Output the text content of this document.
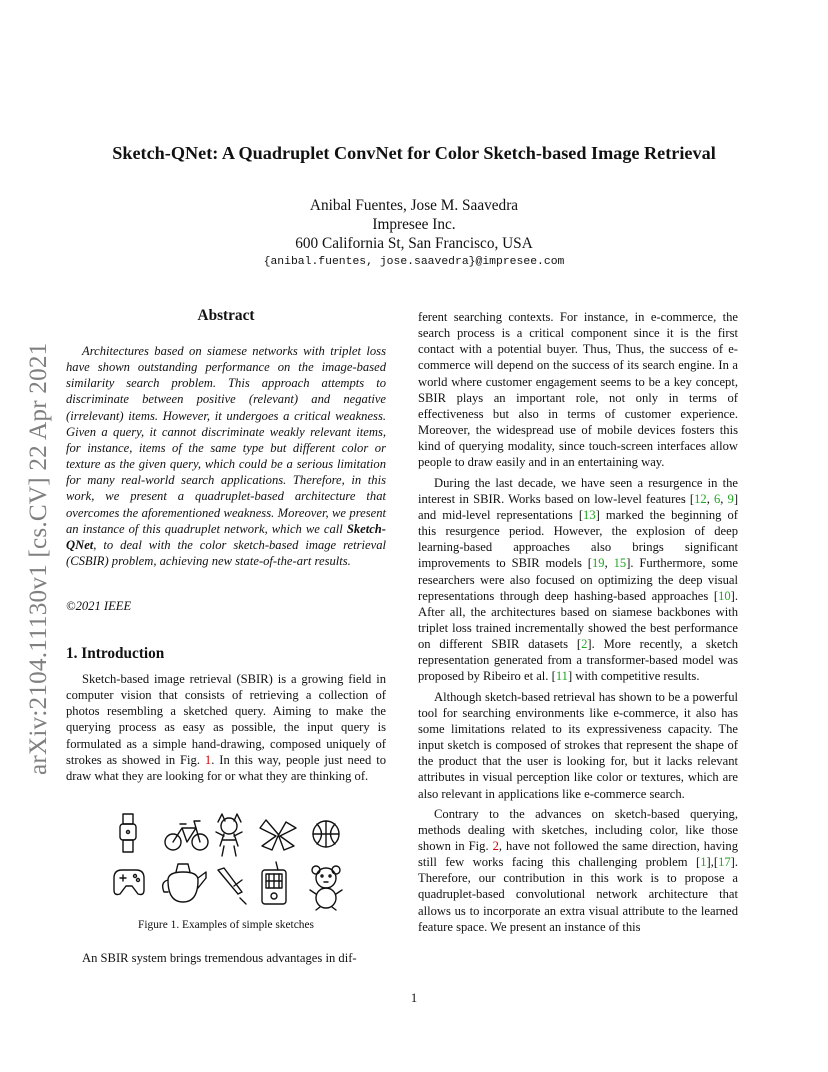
Sketch-QNet: A Quadruplet ConvNet for Color Sketch-based Image Retrieval
Anibal Fuentes, Jose M. Saavedra
Impresee Inc.
600 California St, San Francisco, USA
{anibal.fuentes, jose.saavedra}@impresee.com
arXiv:2104.11130v1 [cs.CV] 22 Apr 2021
Abstract

Architectures based on siamese networks with triplet loss have shown outstanding performance on the image-based similarity search problem. This approach attempts to discriminate between positive (relevant) and negative (irrelevant) items. However, it undergoes a critical weakness. Given a query, it cannot discriminate weakly relevant items, for instance, items of the same type but different color or texture as the given query, which could be a serious limitation for many real-world search applications. Therefore, in this work, we present a quadruplet-based architecture that overcomes the aforementioned weakness. Moreover, we present an instance of this quadruplet network, which we call Sketch-QNet, to deal with the color sketch-based image retrieval (CSBIR) problem, achieving new state-of-the-art results.

©2021 IEEE
1. Introduction

Sketch-based image retrieval (SBIR) is a growing field in computer vision that consists of retrieving a collection of photos resembling a sketched query. Aiming to make the querying process as easy as possible, the input query is formulated as a simple hand-drawing, composed uniquely of strokes as showed in Fig. 1. In this way, people just need to draw what they are looking for or what they are thinking of.

Figure 1. Examples of simple sketches

An SBIR system brings tremendous advantages in dif-

ferent searching contexts. For instance, in e-commerce, the search process is a critical component since it is the first contact with a potential buyer. Thus, Thus, the success of e-commerce will depend on the success of its search engine. In a world where customer engagement seems to be a key concept, SBIR plays an important role, not only in terms of effectiveness but also in terms of customer experience. Moreover, the widespread use of mobile devices fosters this kind of querying modality, since touch-screen interfaces allow people to draw easily and in an entertaining way.

During the last decade, we have seen a resurgence in the interest in SBIR. Works based on low-level features [12, 6, 9] and mid-level representations [13] marked the beginning of this resurgence period. However, the explosion of deep learning-based approaches also brings significant improvements to SBIR models [19, 15]. Furthermore, some researchers were also focused on optimizing the deep visual representations through deep hashing-based approaches [10]. After all, the architectures based on siamese backbones with triplet loss trained incrementally showed the best performance on different SBIR datasets [2]. More recently, a sketch representation generated from a transformer-based model was proposed by Ribeiro et al. [11] with competitive results.

Although sketch-based retrieval has shown to be a powerful tool for searching environments like e-commerce, it also has some limitations related to its expressiveness capacity. The input sketch is composed of strokes that represent the shape of the product that the user is looking for, but it lacks relevant attributes in visual perception like color or textures, which are also relevant in applications like e-commerce search.

Contrary to the advances on sketch-based querying, methods dealing with sketches, including color, like those shown in Fig. 2, have not followed the same direction, having still few works facing this challenging problem [1],[17]. Therefore, our contribution in this work is to propose a quadruplet-based convolutional network architecture that allows us to incorporate an extra visual attribute to the learned feature space. We present an instance of this

1
